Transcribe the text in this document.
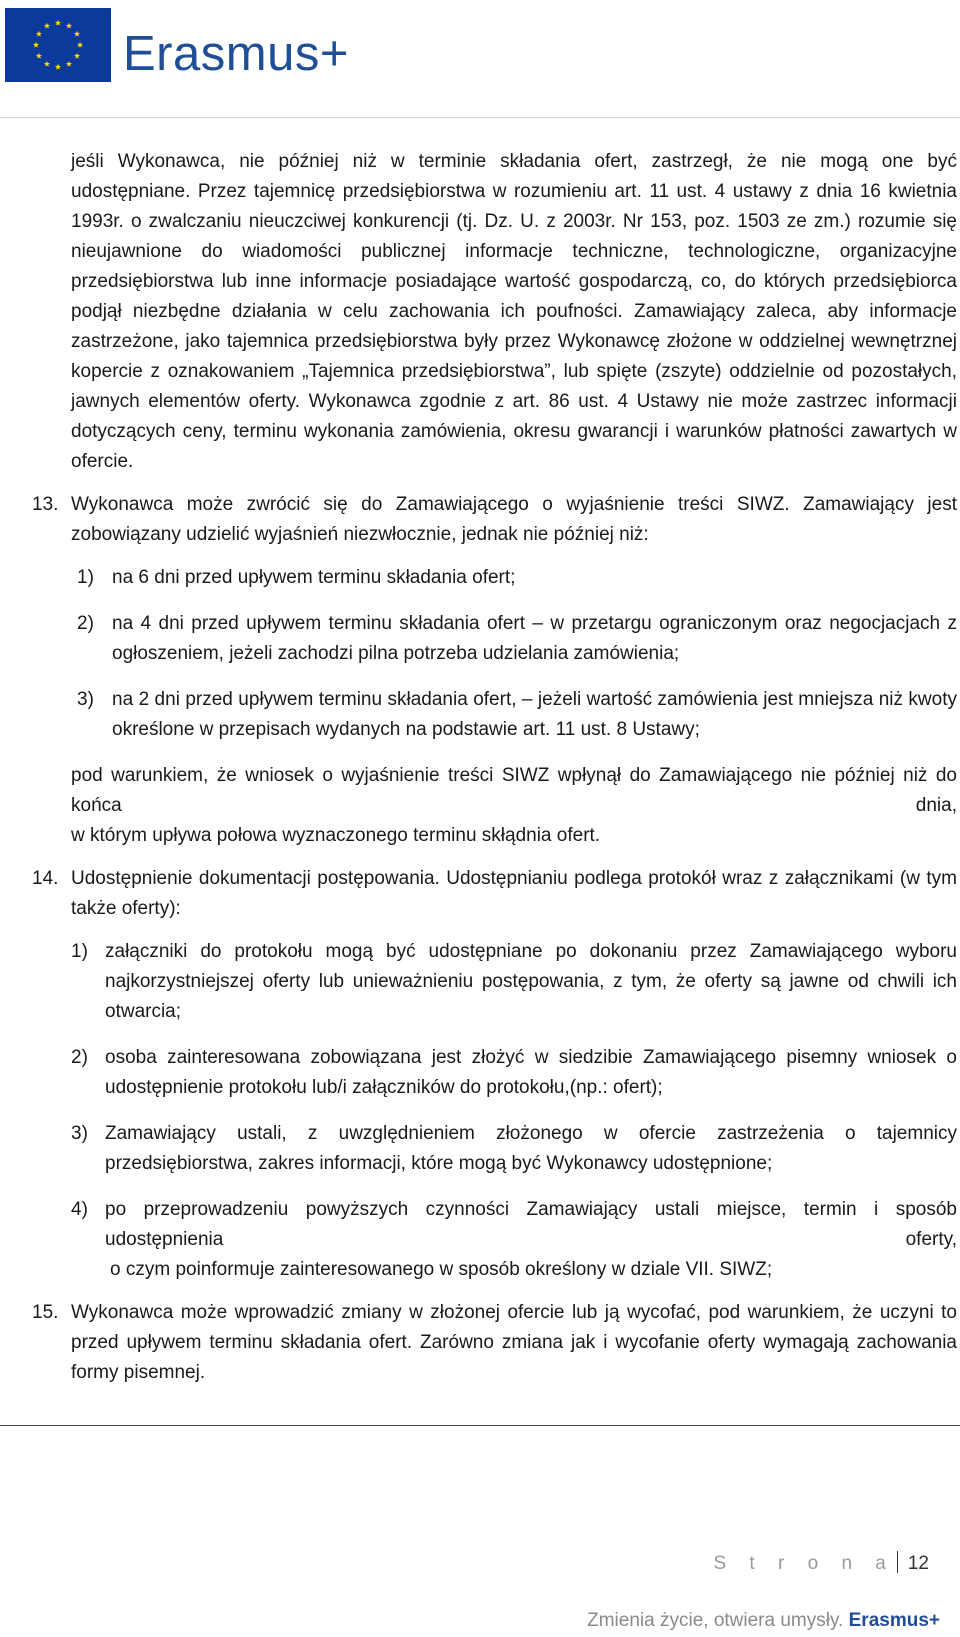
Erasmus+

jeśli Wykonawca, nie później niż w terminie składania ofert, zastrzegł, że nie mogą one być udostępniane. Przez tajemnicę przedsiębiorstwa w rozumieniu art. 11 ust. 4 ustawy z dnia 16 kwietnia 1993r. o zwalczaniu nieuczciwej konkurencji (tj. Dz. U. z 2003r. Nr 153, poz. 1503 ze zm.) rozumie się nieujawnione do wiadomości publicznej informacje techniczne, technologiczne, organizacyjne przedsiębiorstwa lub inne informacje posiadające wartość gospodarczą, co, do których przedsiębiorca podjął niezbędne działania w celu zachowania ich poufności. Zamawiający zaleca, aby informacje zastrzeżone, jako tajemnica przedsiębiorstwa były przez Wykonawcę złożone w oddzielnej wewnętrznej kopercie z oznakowaniem „Tajemnica przedsiębiorstwa”, lub spięte (zszyte) oddzielnie od pozostałych, jawnych elementów oferty. Wykonawca zgodnie z art. 86 ust. 4 Ustawy nie może zastrzec informacji dotyczących ceny, terminu wykonania zamówienia, okresu gwarancji i warunków płatności zawartych w ofercie.

13. Wykonawca może zwrócić się do Zamawiającego o wyjaśnienie treści SIWZ. Zamawiający jest zobowiązany udzielić wyjaśnień niezwłocznie, jednak nie później niż:

1) na 6 dni przed upływem terminu składania ofert;
2) na 4 dni przed upływem terminu składania ofert – w przetargu ograniczonym oraz negocjacjach z ogłoszeniem, jeżeli zachodzi pilna potrzeba udzielania zamówienia;
3) na 2 dni przed upływem terminu składania ofert, – jeżeli wartość zamówienia jest mniejsza niż kwoty określone w przepisach wydanych na podstawie art. 11 ust. 8 Ustawy;

pod warunkiem, że wniosek o wyjaśnienie treści SIWZ wpłynął do Zamawiającego nie później niż do końca dnia,

w którym upływa połowa wyznaczonego terminu skłądnia ofert.

14. Udostępnienie dokumentacji postępowania. Udostępnianiu podlega protokół wraz z załącznikami (w tym także oferty):

1) załączniki do protokołu mogą być udostępniane po dokonaniu przez Zamawiającego wyboru najkorzystniejszej oferty lub unieważnieniu postępowania, z tym, że oferty są jawne od chwili ich otwarcia;
2) osoba zainteresowana zobowiązana jest złożyć w siedzibie Zamawiającego pisemny wniosek o udostępnienie protokołu lub/i załączników do protokołu,(np.: ofert);
3) Zamawiający ustali, z uwzględnieniem złożonego w ofercie zastrzeżenia o tajemnicy przedsiębiorstwa, zakres informacji, które mogą być Wykonawcy udostępnione;
4) po przeprowadzeniu powyższych czynności Zamawiający ustali miejsce, termin i sposób udostępnienia oferty,
o czym poinformuje zainteresowanego w sposób określony w dziale VII. SIWZ;
15. Wykonawca może wprowadzić zmiany w złożonej ofercie lub ją wycofać, pod warunkiem, że uczyni to przed upływem terminu składania ofert. Zarówno zmiana jak i wycofanie oferty wymagają zachowania formy pisemnej.

S t r o n a 12
Zmienia życie, otwiera umysły. Erasmus+
